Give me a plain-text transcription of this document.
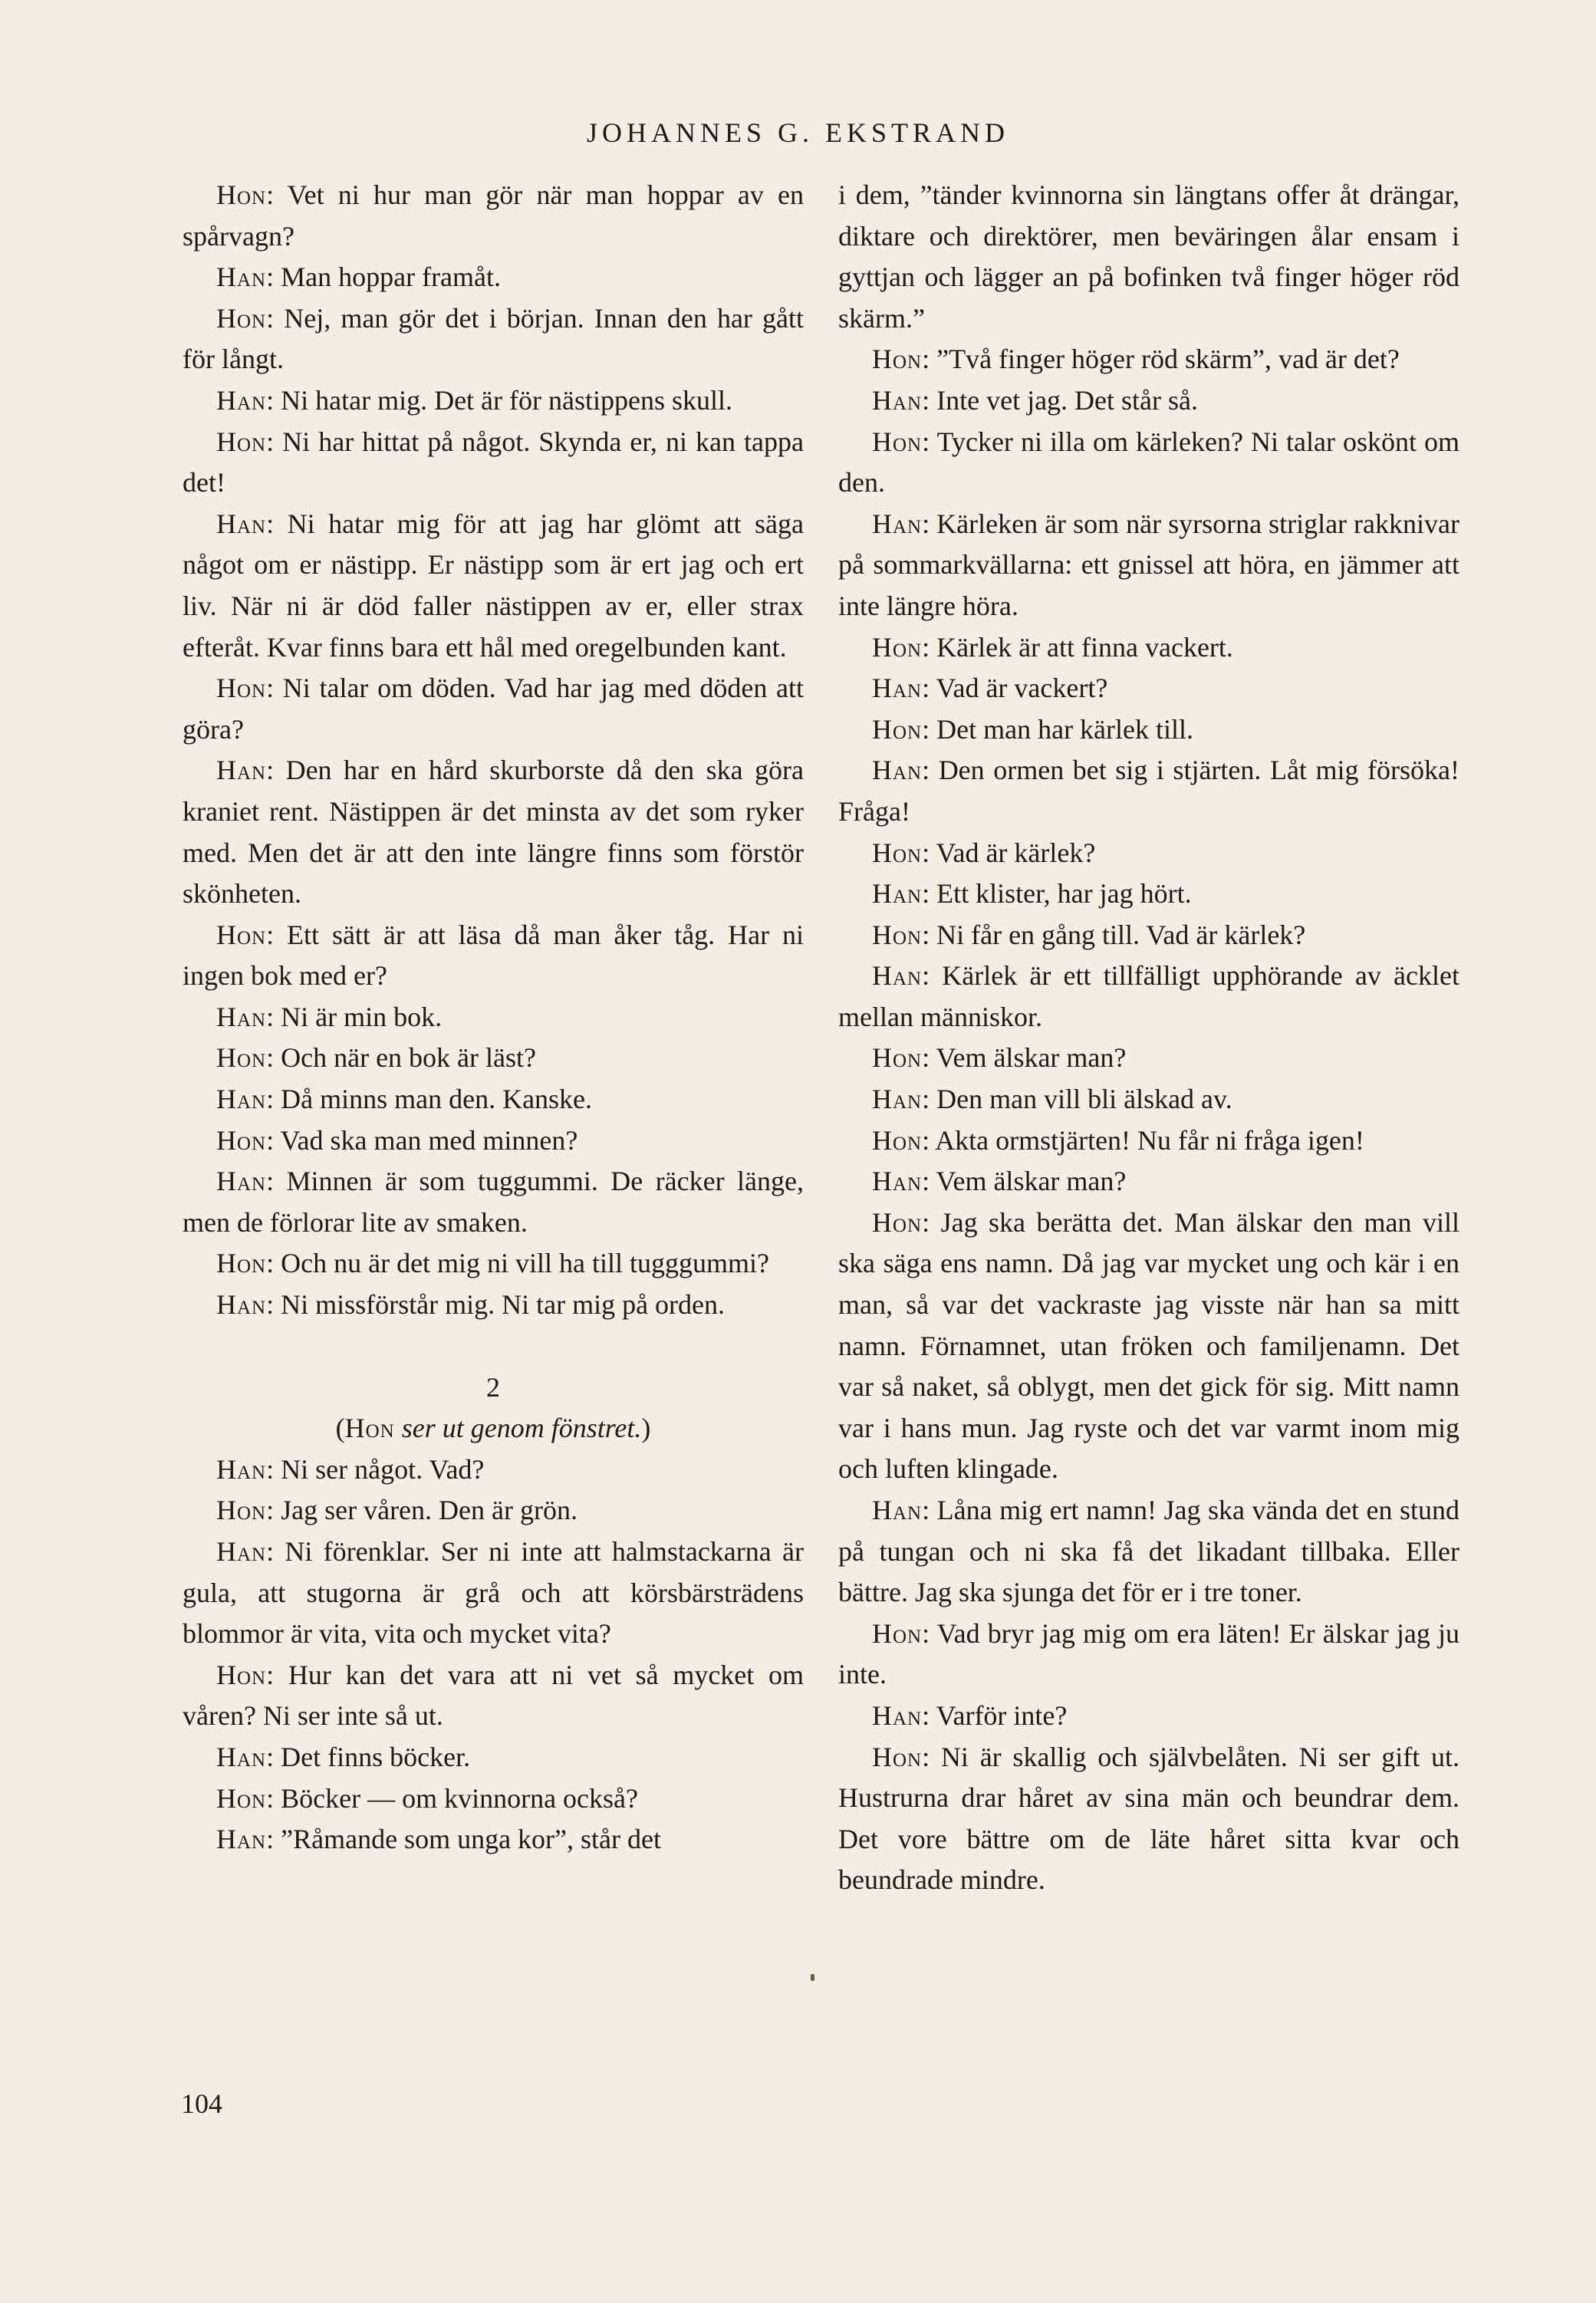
JOHANNES G. EKSTRAND

Hon: Vet ni hur man gör när man hoppar av en spårvagn?

Han: Man hoppar framåt.

Hon: Nej, man gör det i början. Innan den har gått för långt.

Han: Ni hatar mig. Det är för nästippens skull.

Hon: Ni har hittat på något. Skynda er, ni kan tappa det!

Han: Ni hatar mig för att jag har glömt att säga något om er nästipp. Er nästipp som är ert jag och ert liv. När ni är död faller nästippen av er, eller strax efteråt. Kvar finns bara ett hål med oregelbunden kant.

Hon: Ni talar om döden. Vad har jag med döden att göra?

Han: Den har en hård skurborste då den ska göra kraniet rent. Nästippen är det minsta av det som ryker med. Men det är att den inte längre finns som förstör skönheten.

Hon: Ett sätt är att läsa då man åker tåg. Har ni ingen bok med er?

Han: Ni är min bok.

Hon: Och när en bok är läst?

Han: Då minns man den. Kanske.

Hon: Vad ska man med minnen?

Han: Minnen är som tuggummi. De räcker länge, men de förlorar lite av smaken.

Hon: Och nu är det mig ni vill ha till tugggummi?

Han: Ni missförstår mig. Ni tar mig på orden.

2

(Hon ser ut genom fönstret.)

Han: Ni ser något. Vad?

Hon: Jag ser våren. Den är grön.

Han: Ni förenklar. Ser ni inte att halmstackarna är gula, att stugorna är grå och att körsbärsträdens blommor är vita, vita och mycket vita?

Hon: Hur kan det vara att ni vet så mycket om våren? Ni ser inte så ut.

Han: Det finns böcker.

Hon: Böcker — om kvinnorna också?

Han: ”Råmande som unga kor”, står det

i dem, ”tänder kvinnorna sin längtans offer åt drängar, diktare och direktörer, men beväringen ålar ensam i gyttjan och lägger an på bofinken två finger höger röd skärm.”

Hon: ”Två finger höger röd skärm”, vad är det?

Han: Inte vet jag. Det står så.

Hon: Tycker ni illa om kärleken? Ni talar oskönt om den.

Han: Kärleken är som när syrsorna striglar rakknivar på sommarkvällarna: ett gnissel att höra, en jämmer att inte längre höra.

Hon: Kärlek är att finna vackert.

Han: Vad är vackert?

Hon: Det man har kärlek till.

Han: Den ormen bet sig i stjärten. Låt mig försöka! Fråga!

Hon: Vad är kärlek?

Han: Ett klister, har jag hört.

Hon: Ni får en gång till. Vad är kärlek?

Han: Kärlek är ett tillfälligt upphörande av äcklet mellan människor.

Hon: Vem älskar man?

Han: Den man vill bli älskad av.

Hon: Akta ormstjärten! Nu får ni fråga igen!

Han: Vem älskar man?

Hon: Jag ska berätta det. Man älskar den man vill ska säga ens namn. Då jag var mycket ung och kär i en man, så var det vackraste jag visste när han sa mitt namn. Förnamnet, utan fröken och familjenamn. Det var så naket, så oblygt, men det gick för sig. Mitt namn var i hans mun. Jag ryste och det var varmt inom mig och luften klingade.

Han: Låna mig ert namn! Jag ska vända det en stund på tungan och ni ska få det likadant tillbaka. Eller bättre. Jag ska sjunga det för er i tre toner.

Hon: Vad bryr jag mig om era läten! Er älskar jag ju inte.

Han: Varför inte?

Hon: Ni är skallig och självbelåten. Ni ser gift ut. Hustrurna drar håret av sina män och beundrar dem. Det vore bättre om de läte håret sitta kvar och beundrade mindre.

104
